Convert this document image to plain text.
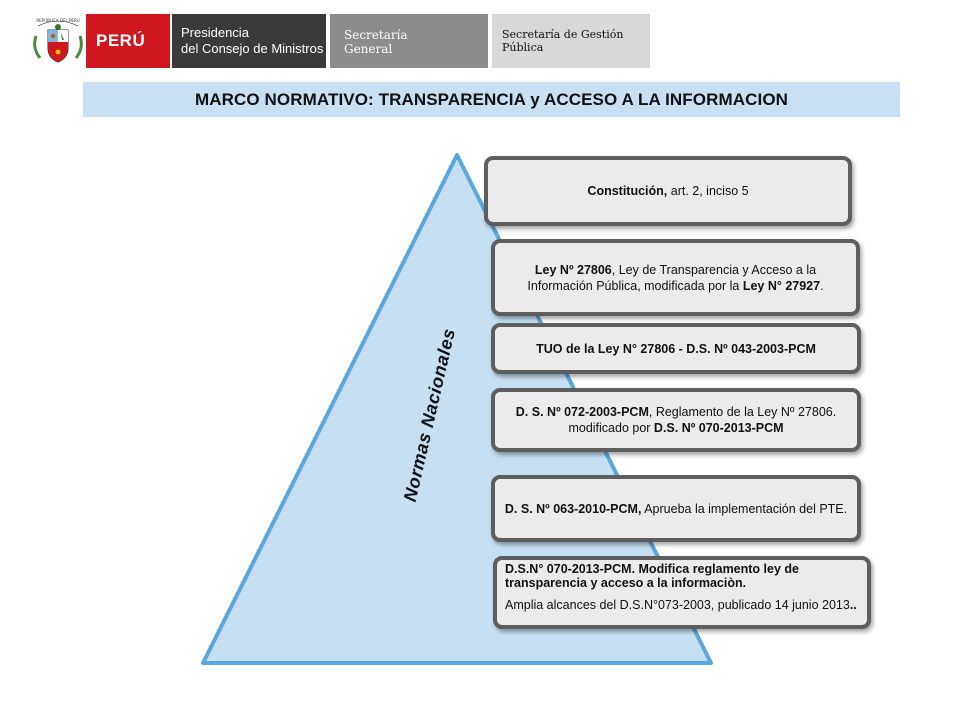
REPÚBLICA DEL PERÚ
PERÚ	Presidencia
del Consejo de Ministros
Secretaría
General
Secretaría de Gestión
Pública
MARCO NORMATIVO: TRANSPARENCIA y ACCESO A LA INFORMACION
Normas Nacionales
Constitución, art. 2, inciso 5
Ley Nº 27806, Ley de Transparencia y Acceso a la Información Pública, modificada por la Ley N° 27927.
TUO de la Ley N° 27806 - D.S. Nº 043-2003-PCM
D. S. Nº 072-2003-PCM, Reglamento de la Ley Nº 27806. modificado por D.S. Nº 070-2013-PCM
D. S. Nº 063-2010-PCM, Aprueba la implementación del PTE.
D.S.N° 070-2013-PCM. Modifica reglamento ley de transparencia y acceso a la informaciòn.
Amplia alcances del D.S.N°073-2003, publicado 14 junio 2013..
